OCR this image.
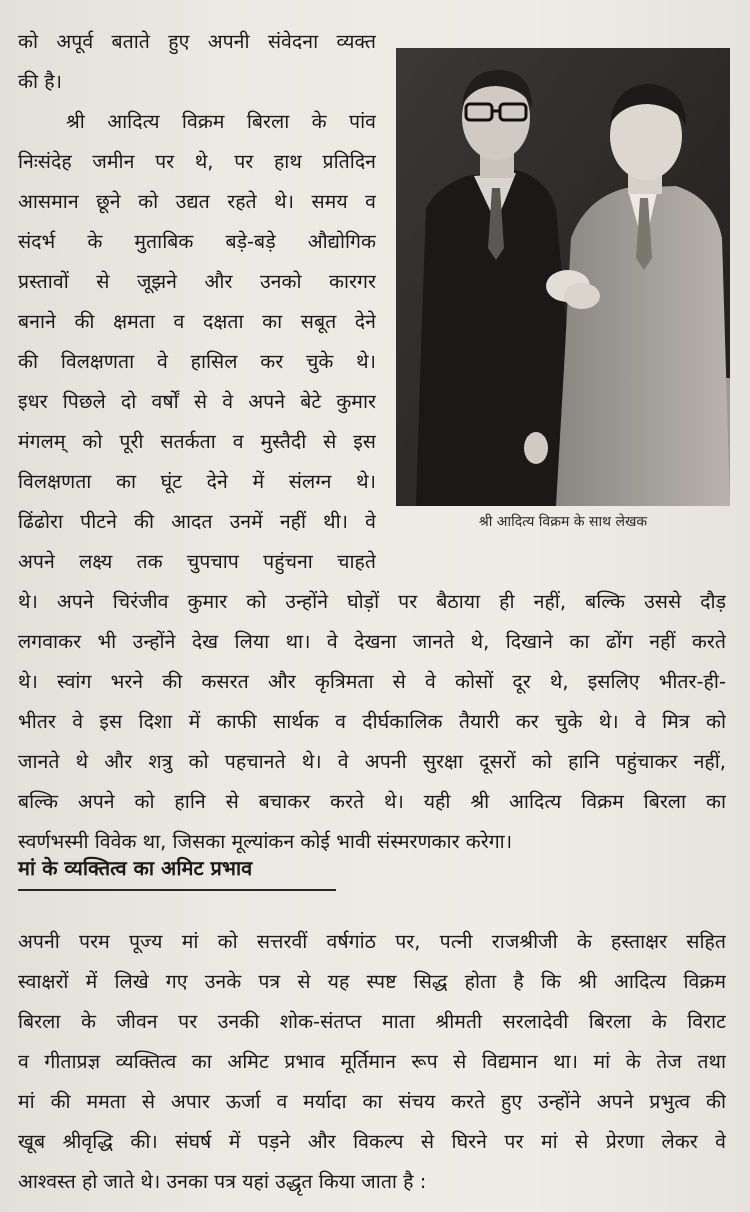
को अपूर्व बताते हुए अपनी संवेदना व्यक्त
की है।
श्री आदित्य विक्रम बिरला के पांव
निःसंदेह जमीन पर थे, पर हाथ प्रतिदिन
आसमान छूने को उद्यत रहते थे। समय व
संदर्भ के मुताबिक बड़े-बड़े औद्योगिक
प्रस्तावों से जूझने और उनको कारगर
बनाने की क्षमता व दक्षता का सबूत देने
की विलक्षणता वे हासिल कर चुके थे।
इधर पिछले दो वर्षों से वे अपने बेटे कुमार
मंगलम् को पूरी सतर्कता व मुस्तैदी से इस
विलक्षणता का घूंट देने में संलग्न थे।
ढिंढोरा पीटने की आदत उनमें नहीं थी। वे
अपने लक्ष्य तक चुपचाप पहुंचना चाहते
श्री आदित्य विक्रम के साथ लेखक
थे। अपने चिरंजीव कुमार को उन्होंने घोड़ों पर बैठाया ही नहीं, बल्कि उससे दौड़
लगवाकर भी उन्होंने देख लिया था। वे देखना जानते थे, दिखाने का ढोंग नहीं करते
थे। स्वांग भरने की कसरत और कृत्रिमता से वे कोसों दूर थे, इसलिए भीतर-ही-
भीतर वे इस दिशा में काफी सार्थक व दीर्घकालिक तैयारी कर चुके थे। वे मित्र को
जानते थे और शत्रु को पहचानते थे। वे अपनी सुरक्षा दूसरों को हानि पहुंचाकर नहीं,
बल्कि अपने को हानि से बचाकर करते थे। यही श्री आदित्य विक्रम बिरला का
स्वर्णभस्मी विवेक था, जिसका मूल्यांकन कोई भावी संस्मरणकार करेगा।
मां के व्यक्तित्व का अमिट प्रभाव
अपनी परम पूज्य मां को सत्तरवीं वर्षगांठ पर, पत्नी राजश्रीजी के हस्ताक्षर सहित
स्वाक्षरों में लिखे गए उनके पत्र से यह स्पष्ट सिद्ध होता है कि श्री आदित्य विक्रम
बिरला के जीवन पर उनकी शोक-संतप्त माता श्रीमती सरलादेवी बिरला के विराट
व गीताप्रज्ञ व्यक्तित्व का अमिट प्रभाव मूर्तिमान रूप से विद्यमान था। मां के तेज तथा
मां की ममता से अपार ऊर्जा व मर्यादा का संचय करते हुए उन्होंने अपने प्रभुत्व की
खूब श्रीवृद्धि की। संघर्ष में पड़ने और विकल्प से घिरने पर मां से प्रेरणा लेकर वे
आश्वस्त हो जाते थे। उनका पत्र यहां उद्धृत किया जाता है :
